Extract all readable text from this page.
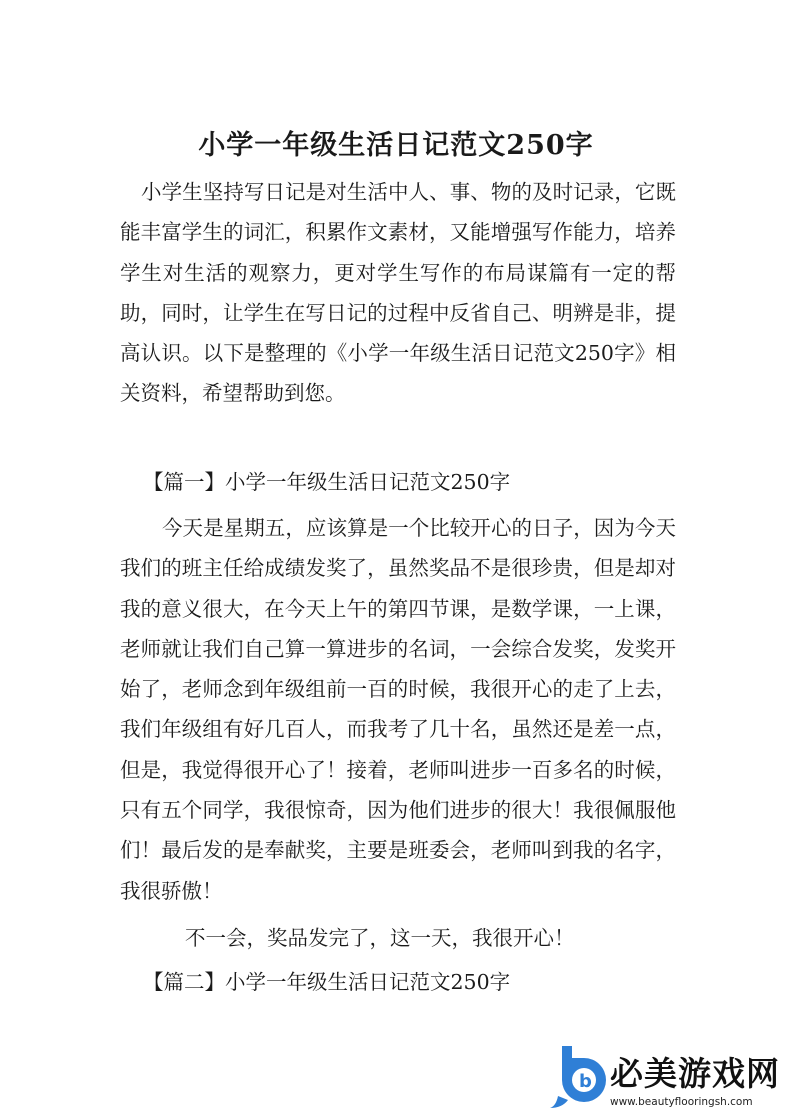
小学一年级生活日记范文250字

小学生坚持写日记是对生活中人、事、物的及时记录，它既能丰富学生的词汇，积累作文素材，又能增强写作能力，培养学生对生活的观察力，更对学生写作的布局谋篇有一定的帮助，同时，让学生在写日记的过程中反省自己、明辨是非，提高认识。以下是整理的《小学一年级生活日记范文250字》相关资料，希望帮助到您。

【篇一】小学一年级生活日记范文250字

今天是星期五，应该算是一个比较开心的日子，因为今天我们的班主任给成绩发奖了，虽然奖品不是很珍贵，但是却对我的意义很大，在今天上午的第四节课，是数学课，一上课，老师就让我们自己算一算进步的名词，一会综合发奖，发奖开始了，老师念到年级组前一百的时候，我很开心的走了上去，我们年级组有好几百人，而我考了几十名，虽然还是差一点，但是，我觉得很开心了！接着，老师叫进步一百多名的时候，只有五个同学，我很惊奇，因为他们进步的很大！我很佩服他们！最后发的是奉献奖，主要是班委会，老师叫到我的名字，我很骄傲！

不一会，奖品发完了，这一天，我很开心！

【篇二】小学一年级生活日记范文250字

b 必美游戏网
www.beautyflooringsh.com
